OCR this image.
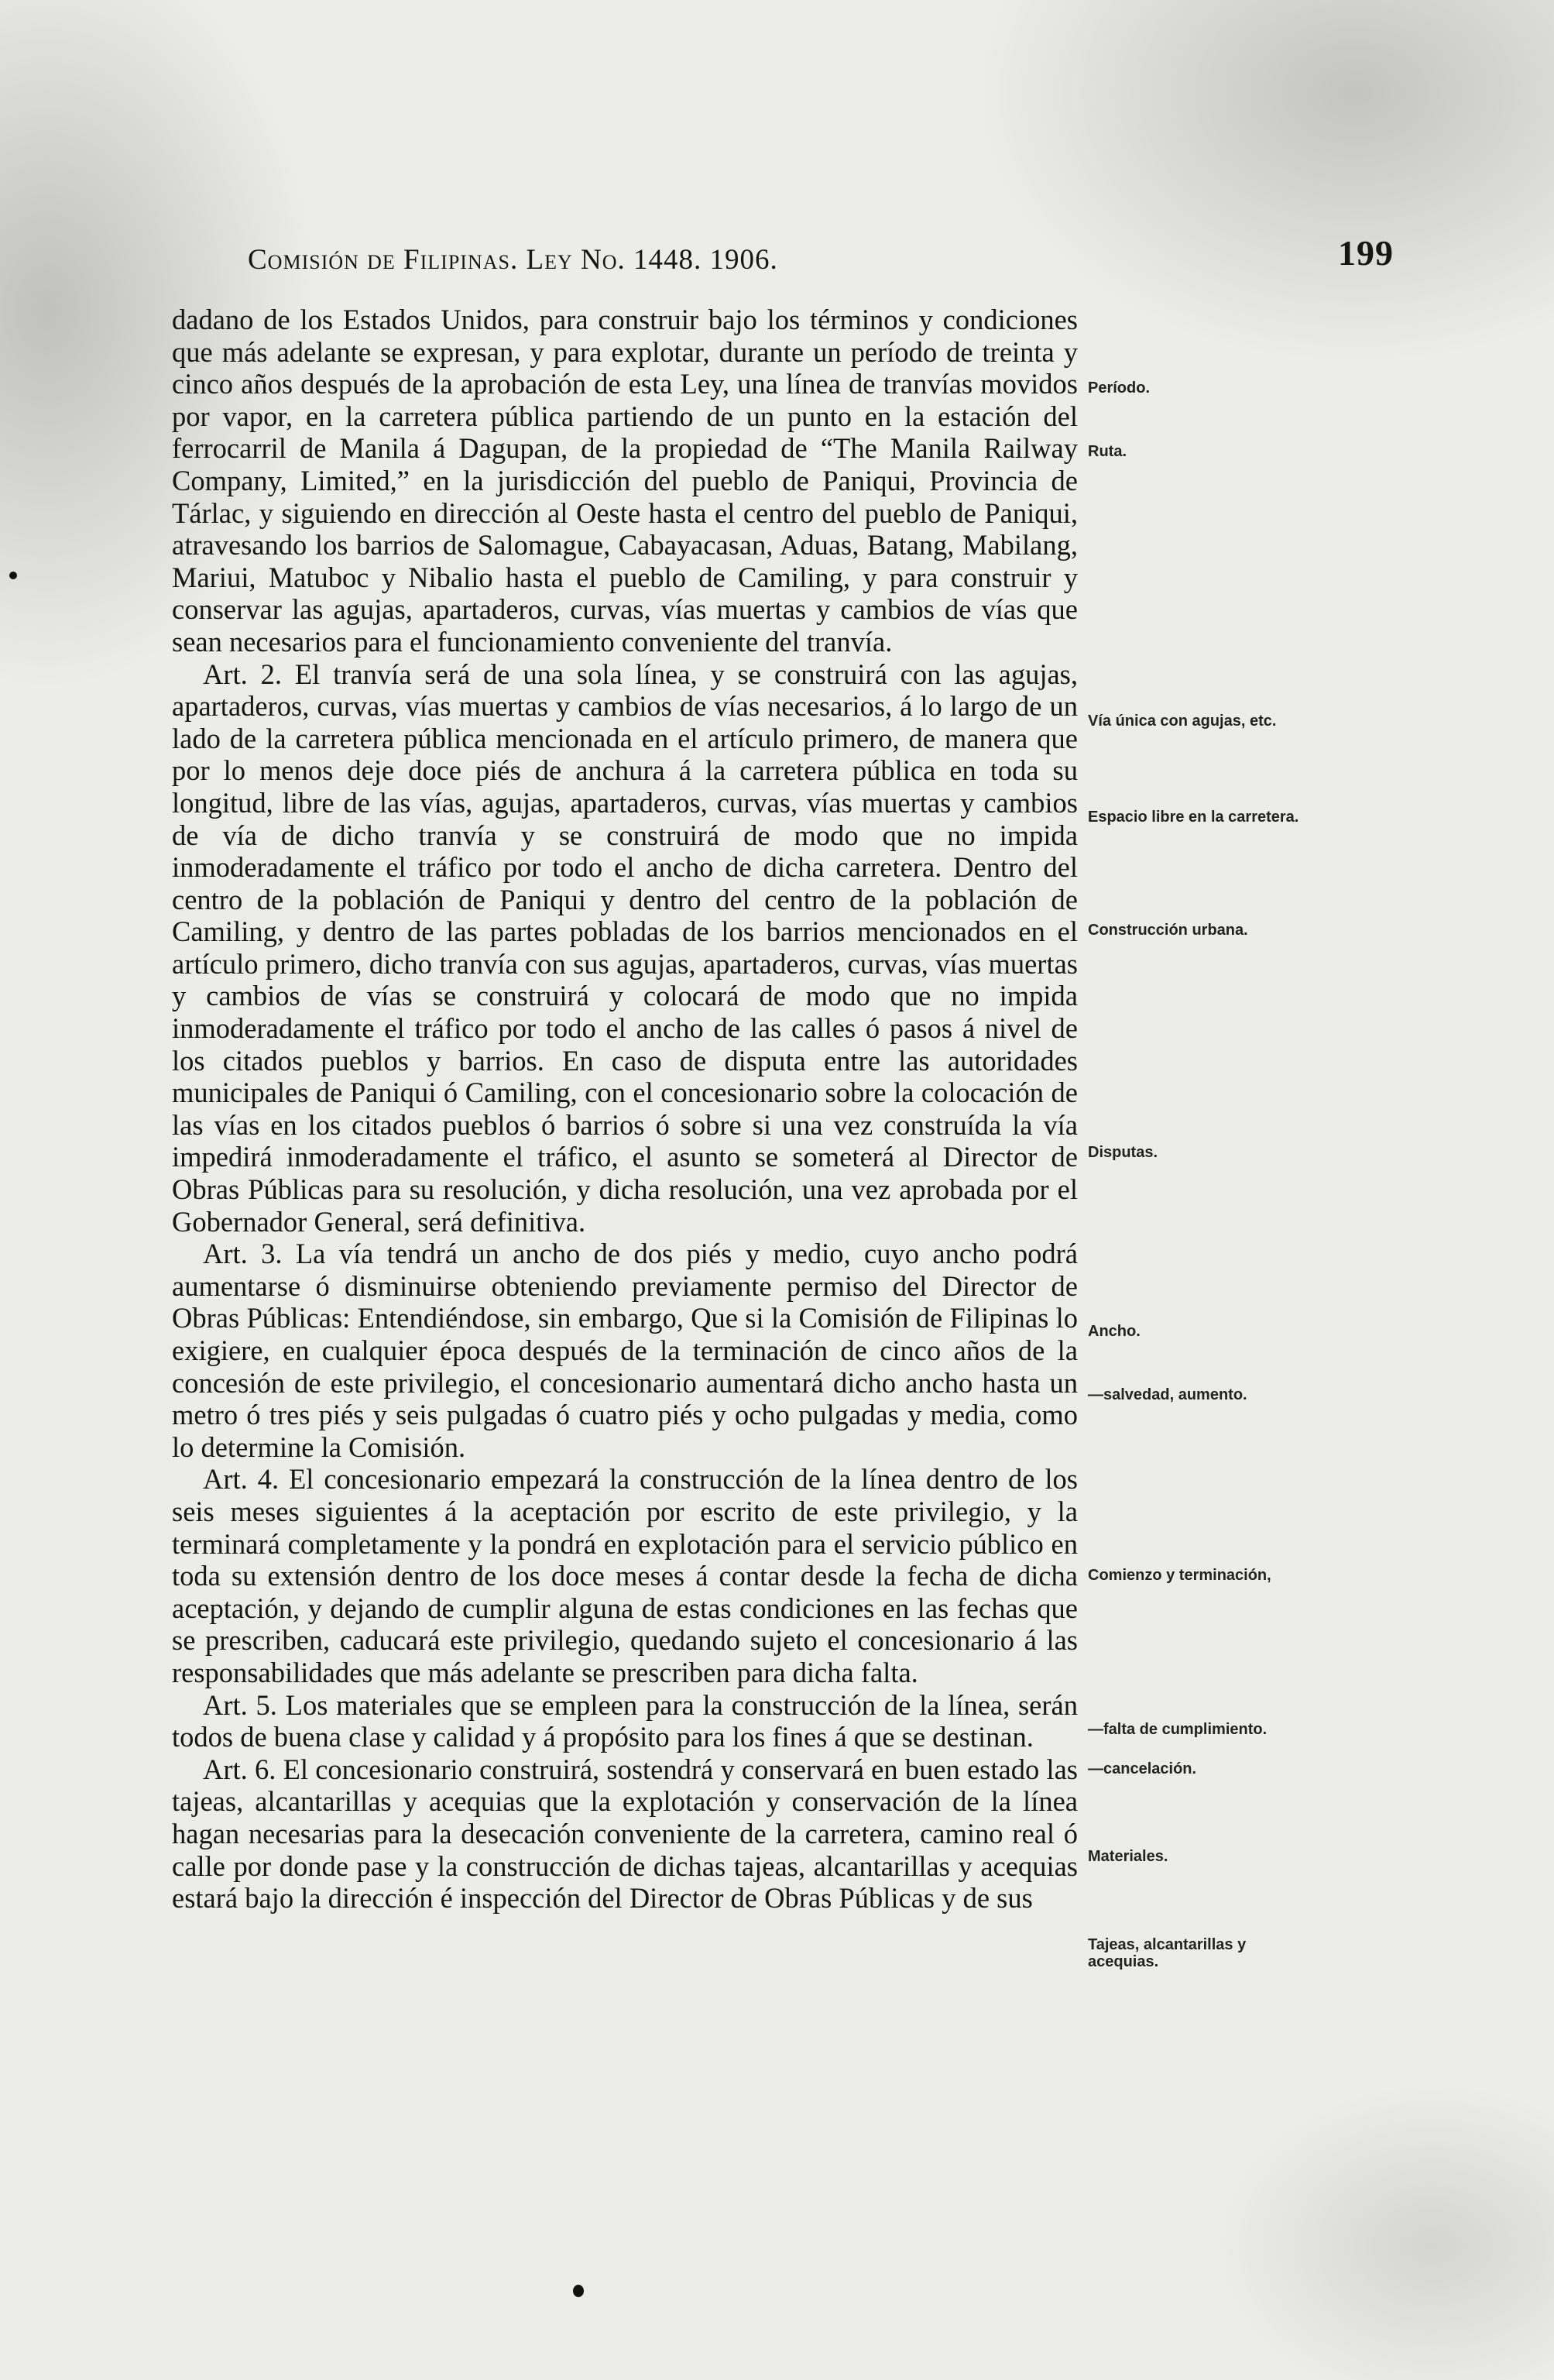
Comisión de Filipinas. Ley No. 1448. 1906.	199

dadano de los Estados Unidos, para construir bajo los términos y condiciones que más adelante se expresan, y para explotar, durante un período de treinta y cinco años después de la aprobación de esta Ley, una línea de tranvías movidos por vapor, en la carretera pública partiendo de un punto en la estación del ferrocarril de Manila á Dagupan, de la propiedad de “The Manila Railway Company, Limited,” en la jurisdicción del pueblo de Paniqui, Provincia de Tárlac, y siguiendo en dirección al Oeste hasta el centro del pueblo de Paniqui, atravesando los barrios de Salomague, Cabayacasan, Aduas, Batang, Mabilang, Mariui, Matuboc y Nibalio hasta el pueblo de Camiling, y para construir y conservar las agujas, apartaderos, curvas, vías muertas y cambios de vías que sean necesarios para el funcionamiento conveniente del tranvía.

Art. 2. El tranvía será de una sola línea, y se construirá con las agujas, apartaderos, curvas, vías muertas y cambios de vías necesarios, á lo largo de un lado de la carretera pública mencionada en el artículo primero, de manera que por lo menos deje doce piés de anchura á la carretera pública en toda su longitud, libre de las vías, agujas, apartaderos, curvas, vías muertas y cambios de vía de dicho tranvía y se construirá de modo que no impida inmoderadamente el tráfico por todo el ancho de dicha carretera. Dentro del centro de la población de Paniqui y dentro del centro de la población de Camiling, y dentro de las partes pobladas de los barrios mencionados en el artículo primero, dicho tranvía con sus agujas, apartaderos, curvas, vías muertas y cambios de vías se construirá y colocará de modo que no impida inmoderadamente el tráfico por todo el ancho de las calles ó pasos á nivel de los citados pueblos y barrios. En caso de disputa entre las autoridades municipales de Paniqui ó Camiling, con el concesionario sobre la colocación de las vías en los citados pueblos ó barrios ó sobre si una vez construída la vía impedirá inmoderadamente el tráfico, el asunto se someterá al Director de Obras Públicas para su resolución, y dicha resolución, una vez aprobada por el Gobernador General, será definitiva.

Art. 3. La vía tendrá un ancho de dos piés y medio, cuyo ancho podrá aumentarse ó disminuirse obteniendo previamente permiso del Director de Obras Públicas: Entendiéndose, sin embargo, Que si la Comisión de Filipinas lo exigiere, en cualquier época después de la terminación de cinco años de la concesión de este privilegio, el concesionario aumentará dicho ancho hasta un metro ó tres piés y seis pulgadas ó cuatro piés y ocho pulgadas y media, como lo determine la Comisión.

Art. 4. El concesionario empezará la construcción de la línea dentro de los seis meses siguientes á la aceptación por escrito de este privilegio, y la terminará completamente y la pondrá en explotación para el servicio público en toda su extensión dentro de los doce meses á contar desde la fecha de dicha aceptación, y dejando de cumplir alguna de estas condiciones en las fechas que se prescriben, caducará este privilegio, quedando sujeto el concesionario á las responsabilidades que más adelante se prescriben para dicha falta.

Art. 5. Los materiales que se empleen para la construcción de la línea, serán todos de buena clase y calidad y á propósito para los fines á que se destinan.

Art. 6. El concesionario construirá, sostendrá y conservará en buen estado las tajeas, alcantarillas y acequias que la explotación y conservación de la línea hagan necesarias para la desecación conveniente de la carretera, camino real ó calle por donde pase y la construcción de dichas tajeas, alcantarillas y acequias estará bajo la dirección é inspección del Director de Obras Públicas y de sus

Período.
Ruta.
Vía única con agujas, etc.
Espacio libre en la carretera.
Construcción urbana.
Disputas.
Ancho.
—salvedad, aumento.
Comienzo y terminación,
—falta de cumplimiento.
—cancelación.
Materiales.
Tajeas, alcantarillas y acequias.
